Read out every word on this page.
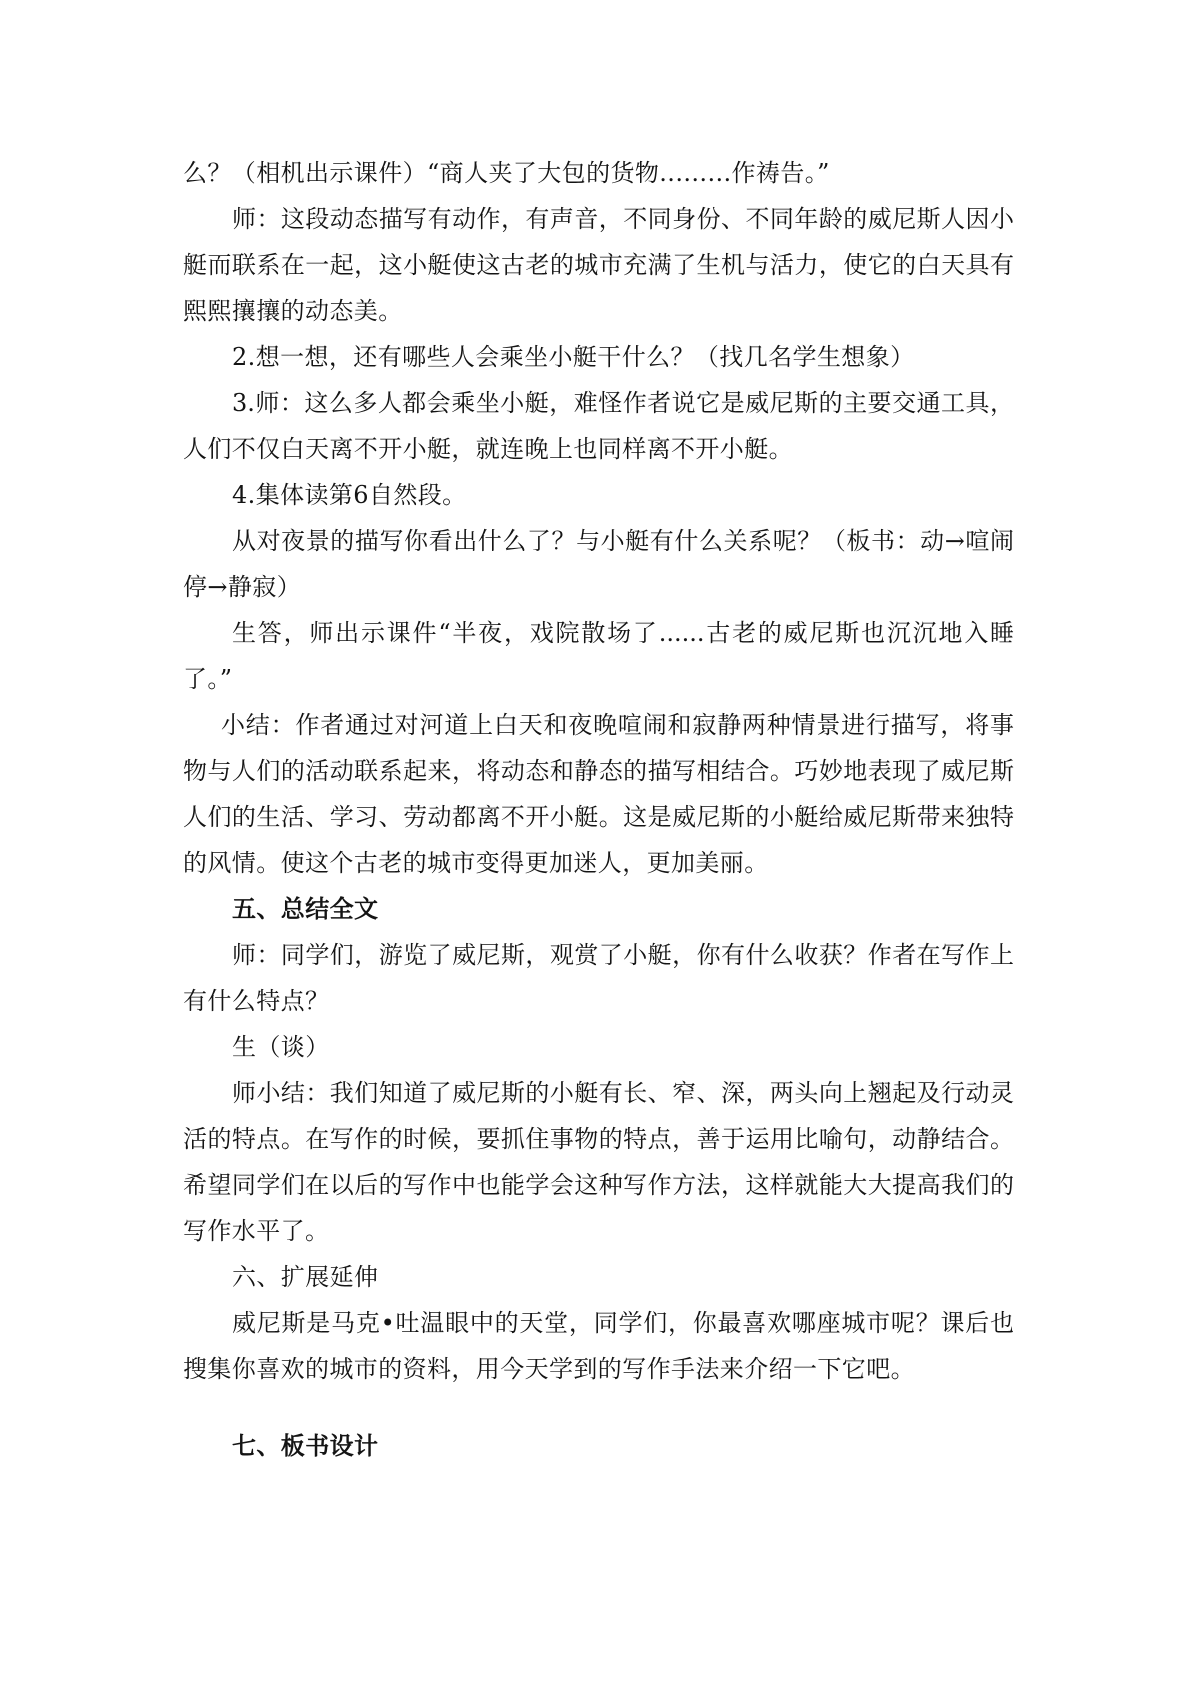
么？（相机出示课件）“商人夹了大包的货物.........作祷告。”
师：这段动态描写有动作，有声音，不同身份、不同年龄的威尼斯人因小
艇而联系在一起，这小艇使这古老的城市充满了生机与活力，使它的白天具有
熙熙攘攘的动态美。
2.想一想，还有哪些人会乘坐小艇干什么？（找几名学生想象）
3.师：这么多人都会乘坐小艇，难怪作者说它是威尼斯的主要交通工具，
人们不仅白天离不开小艇，就连晚上也同样离不开小艇。
4.集体读第6自然段。
从对夜景的描写你看出什么了？与小艇有什么关系呢？（板书：动→喧闹
停→静寂）
生答，师出示课件“半夜，戏院散场了......古老的威尼斯也沉沉地入睡
了。”
小结：作者通过对河道上白天和夜晚喧闹和寂静两种情景进行描写，将事
物与人们的活动联系起来，将动态和静态的描写相结合。巧妙地表现了威尼斯
人们的生活、学习、劳动都离不开小艇。这是威尼斯的小艇给威尼斯带来独特
的风情。使这个古老的城市变得更加迷人，更加美丽。
五、总结全文
师：同学们，游览了威尼斯，观赏了小艇，你有什么收获？作者在写作上
有什么特点？
生（谈）
师小结：我们知道了威尼斯的小艇有长、窄、深，两头向上翘起及行动灵
活的特点。在写作的时候，要抓住事物的特点，善于运用比喻句，动静结合。
希望同学们在以后的写作中也能学会这种写作方法，这样就能大大提高我们的
写作水平了。
六、扩展延伸
威尼斯是马克•吐温眼中的天堂，同学们，你最喜欢哪座城市呢？课后也
搜集你喜欢的城市的资料，用今天学到的写作手法来介绍一下它吧。
七、板书设计
